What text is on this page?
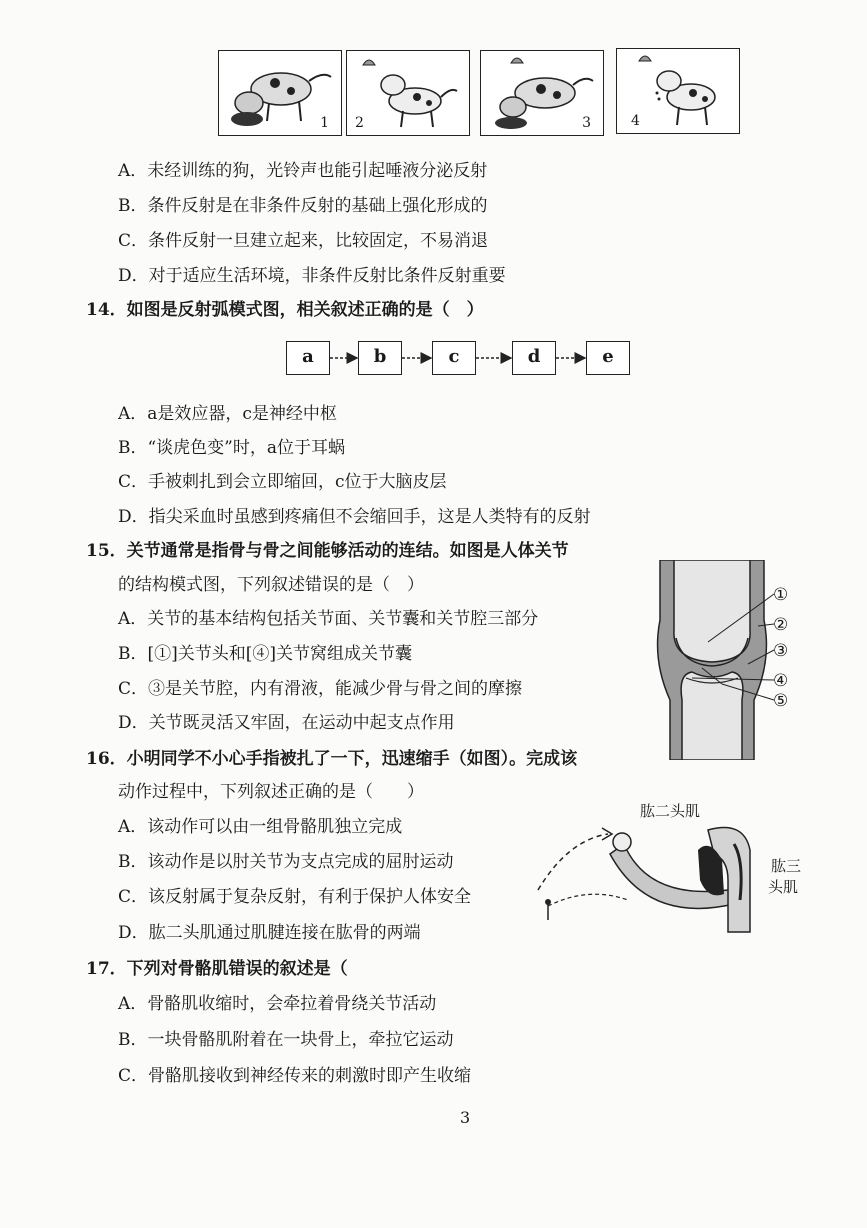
1 2	3	4
A．未经训练的狗，光铃声也能引起唾液分泌反射
B．条件反射是在非条件反射的基础上强化形成的
C．条件反射一旦建立起来，比较固定，不易消退
D．对于适应生活环境，非条件反射比条件反射重要
14．如图是反射弧模式图，相关叙述正确的是（　）
a	b	c	d	e
A．a是效应器，c是神经中枢
B．“谈虎色变”时，a位于耳蜗
C．手被刺扎到会立即缩回，c位于大脑皮层
D．指尖采血时虽感到疼痛但不会缩回手，这是人类特有的反射
15．关节通常是指骨与骨之间能够活动的连结。如图是人体关节
的结构模式图，下列叙述错误的是（　）
A．关节的基本结构包括关节面、关节囊和关节腔三部分
B．[①]关节头和[④]关节窝组成关节囊
C．③是关节腔，内有滑液，能减少骨与骨之间的摩擦
D．关节既灵活又牢固，在运动中起支点作用
①
②
③
④
⑤
16．小明同学不小心手指被扎了一下，迅速缩手（如图）。完成该
动作过程中，下列叙述正确的是（　　）
A．该动作可以由一组骨骼肌独立完成
B．该动作是以肘关节为支点完成的屈肘运动
C．该反射属于复杂反射，有利于保护人体安全
D．肱二头肌通过肌腱连接在肱骨的两端
肱二头肌
肱三
头肌
17．下列对骨骼肌错误的叙述是（
A．骨骼肌收缩时，会牵拉着骨绕关节活动
B．一块骨骼肌附着在一块骨上，牵拉它运动
C．骨骼肌接收到神经传来的刺激时即产生收缩
3
